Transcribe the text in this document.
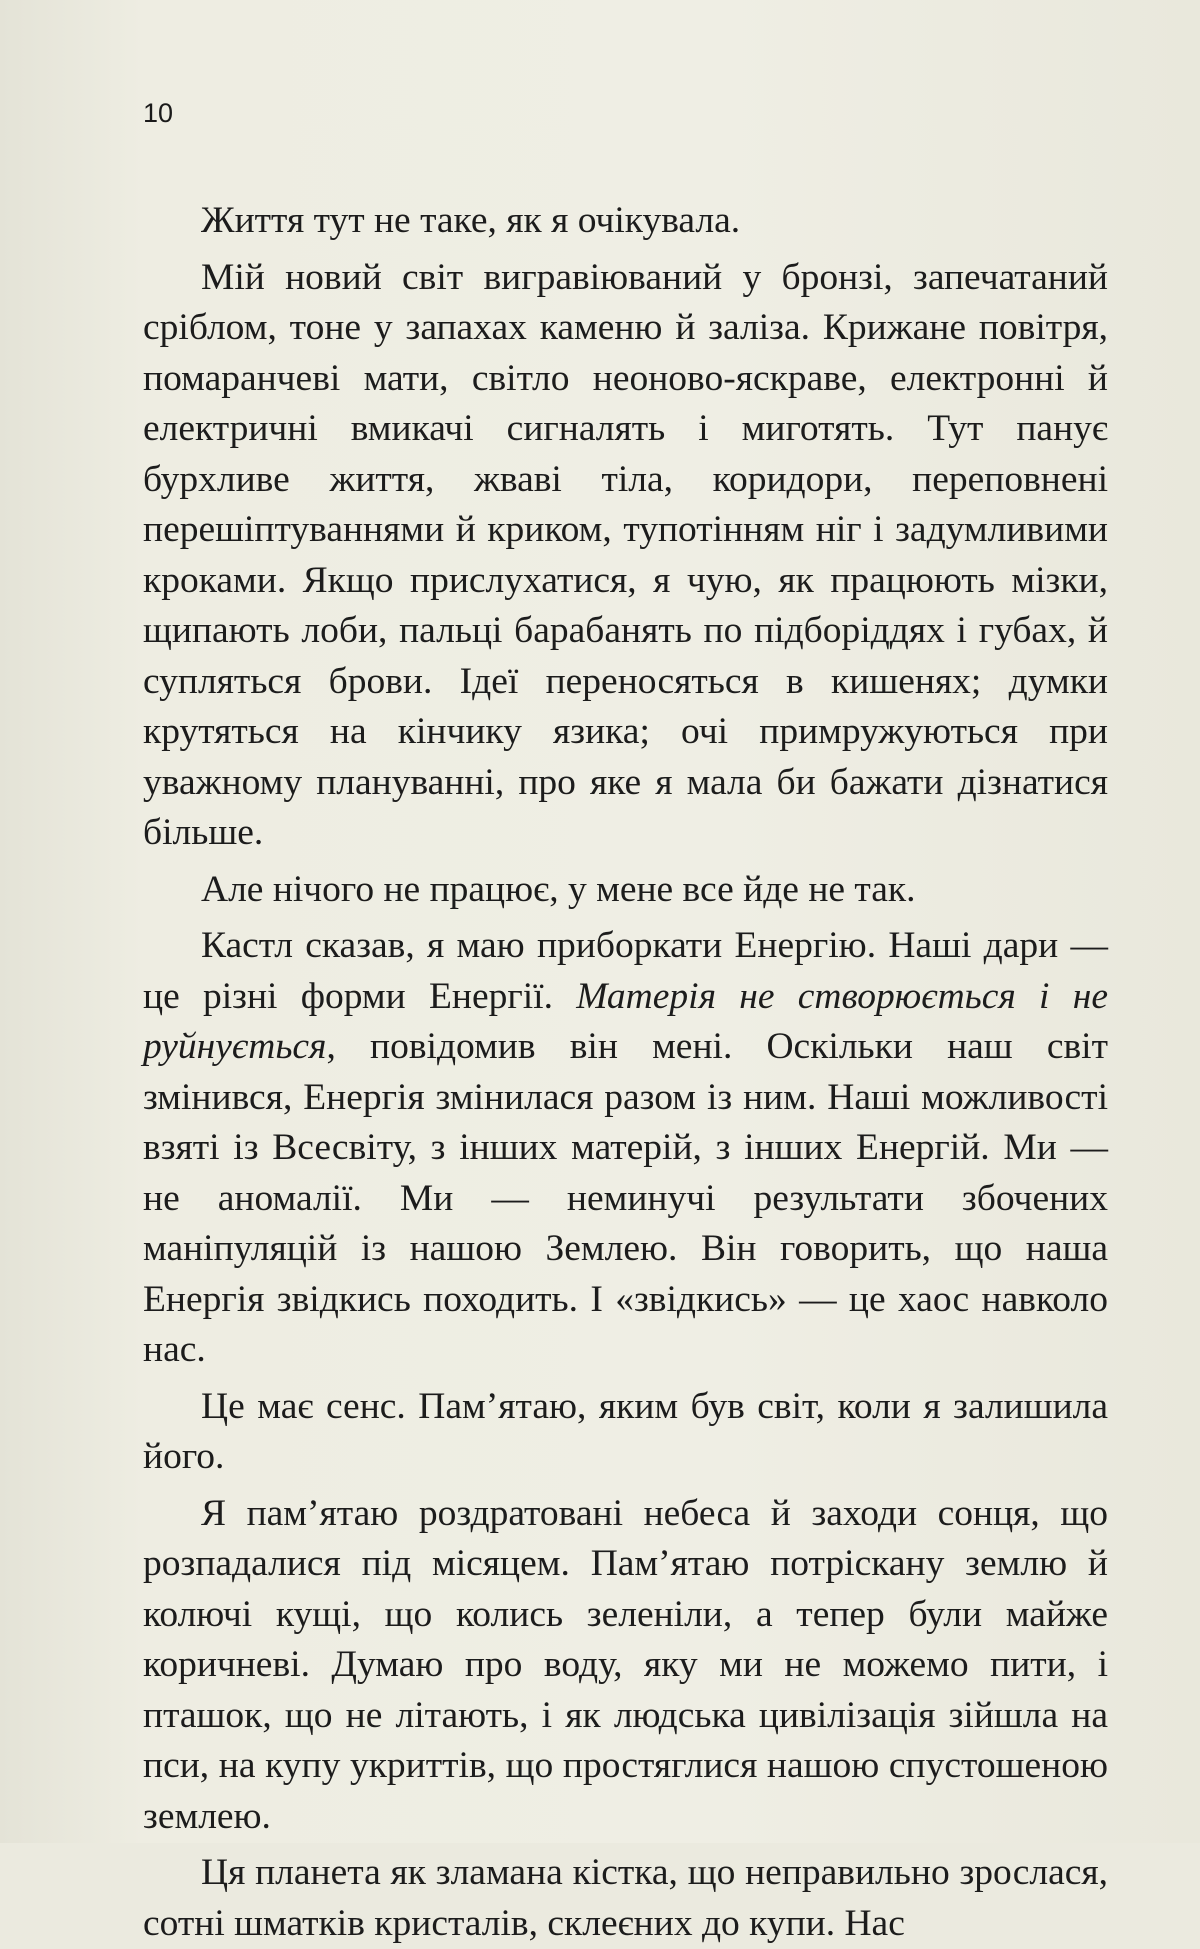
10

Життя тут не таке, як я очікувала.

Мій новий світ вигравіюваний у бронзі, запечатаний сріблом, тоне у запахах каменю й заліза. Крижане повітря, помаранчеві мати, світло неоново-яскраве, електронні й електричні вмикачі сигналять і миготять. Тут панує бурхливе життя, жваві тіла, коридори, переповнені перешіптуваннями й криком, тупотінням ніг і задумливими кроками. Якщо прислухатися, я чую, як працюють мізки, щипають лоби, пальці барабанять по підборіддях і губах, й супляться брови. Ідеї переносяться в кишенях; думки крутяться на кінчику язика; очі примружуються при уважному плануванні, про яке я мала би бажати дізнатися більше.

Але нічого не працює, у мене все йде не так.

Кастл сказав, я маю приборкати Енергію. Наші дари — це різні форми Енергії. Матерія не створюється і не руйнується, повідомив він мені. Оскільки наш світ змінився, Енергія змінилася разом із ним. Наші можливості взяті із Всесвіту, з інших матерій, з інших Енергій. Ми — не аномалії. Ми — неминучі результати збочених маніпуляцій із нашою Землею. Він говорить, що наша Енергія звідкись походить. І «звідкись» — це хаос навколо нас.

Це має сенс. Пам’ятаю, яким був світ, коли я залишила його.

Я пам’ятаю роздратовані небеса й заходи сонця, що розпадалися під місяцем. Пам’ятаю потріскану землю й колючі кущі, що колись зеленіли, а тепер були майже коричневі. Думаю про воду, яку ми не можемо пити, і пташок, що не літають, і як людська цивілізація зійшла на пси, на купу укриттів, що простяглися нашою спустошеною землею.

Ця планета як зламана кістка, що неправильно зрослася, сотні шматків кристалів, склеєних до купи. Нас
